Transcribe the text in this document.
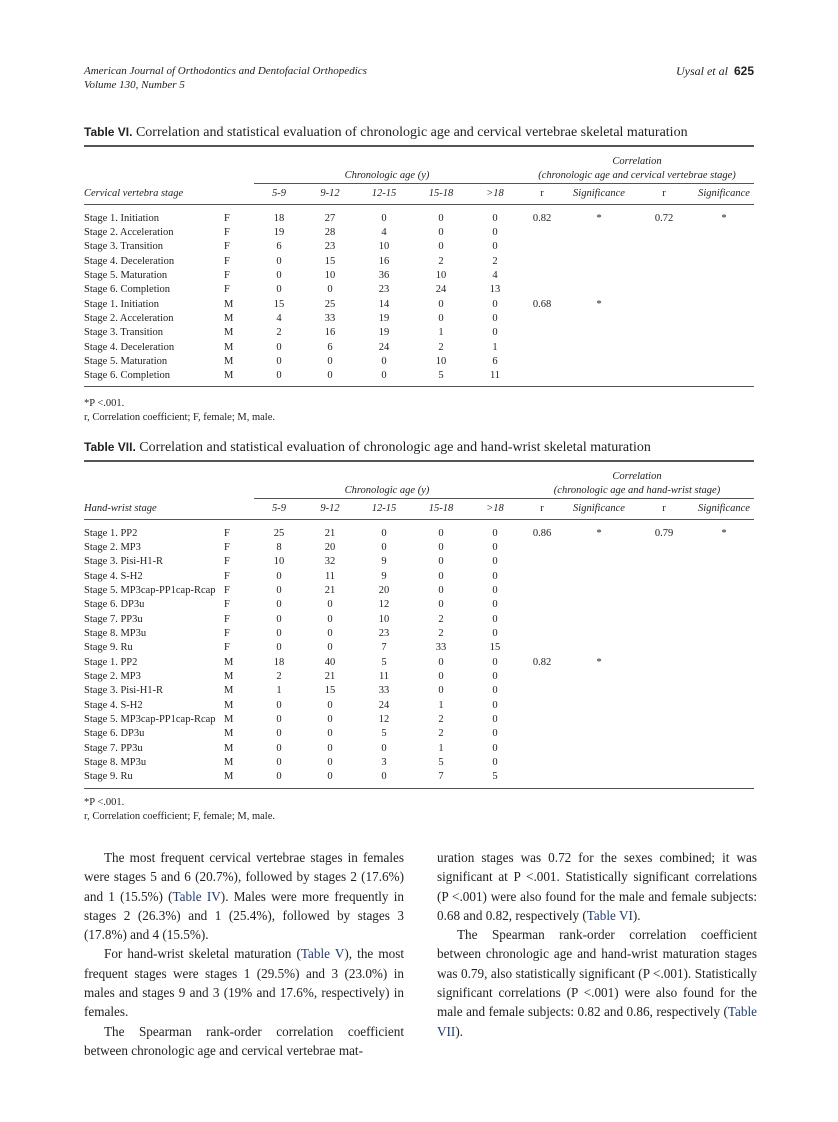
American Journal of Orthodontics and Dentofacial Orthopedics
Volume 130, Number 5
Uysal et al 625
Table VI. Correlation and statistical evaluation of chronologic age and cervical vertebrae skeletal maturation
		Chronologic age (y)					Correlation
(chronologic age and cervical vertebrae stage)			

Cervical vertebra stage		5-9	9-12	12-15	15-18	>18	r	Significance	r	Significance
Stage 1. Initiation	F	18	27	0	0	0	0.82	*	0.72	*
Stage 2. Acceleration	F	19	28	4	0	0				
Stage 3. Transition	F	6	23	10	0	0				
Stage 4. Deceleration	F	0	15	16	2	2				
Stage 5. Maturation	F	0	10	36	10	4				
Stage 6. Completion	F	0	0	23	24	13				
Stage 1. Initiation	M	15	25	14	0	0	0.68	*		
Stage 2. Acceleration	M	4	33	19	0	0				
Stage 3. Transition	M	2	16	19	1	0				
Stage 4. Deceleration	M	0	6	24	2	1				
Stage 5. Maturation	M	0	0	0	10	6				
Stage 6. Completion	M	0	0	0	5	11				
*P <.001.
r, Correlation coefficient; F, female; M, male.
Table VII. Correlation and statistical evaluation of chronologic age and hand-wrist skeletal maturation
		Chronologic age (y)					Correlation
(chronologic age and hand-wrist stage)			

Hand-wrist stage		5-9	9-12	12-15	15-18	>18	r	Significance	r	Significance
Stage 1. PP2	F	25	21	0	0	0	0.86	*	0.79	*
Stage 2. MP3	F	8	20	0	0	0				
Stage 3. Pisi-H1-R	F	10	32	9	0	0				
Stage 4. S-H2	F	0	11	9	0	0				
Stage 5. MP3cap-PP1cap-Rcap	F	0	21	20	0	0				
Stage 6. DP3u	F	0	0	12	0	0				
Stage 7. PP3u	F	0	0	10	2	0				
Stage 8. MP3u	F	0	0	23	2	0				
Stage 9. Ru	F	0	0	7	33	15				
Stage 1. PP2	M	18	40	5	0	0	0.82	*		
Stage 2. MP3	M	2	21	11	0	0				
Stage 3. Pisi-H1-R	M	1	15	33	0	0				
Stage 4. S-H2	M	0	0	24	1	0				
Stage 5. MP3cap-PP1cap-Rcap	M	0	0	12	2	0				
Stage 6. DP3u	M	0	0	5	2	0				
Stage 7. PP3u	M	0	0	0	1	0				
Stage 8. MP3u	M	0	0	3	5	0				
Stage 9. Ru	M	0	0	0	7	5				
*P <.001.
r, Correlation coefficient; F, female; M, male.

The most frequent cervical vertebrae stages in females were stages 5 and 6 (20.7%), followed by stages 2 (17.6%) and 1 (15.5%) (Table IV). Males were more frequently in stages 2 (26.3%) and 1 (25.4%), followed by stages 3 (17.8%) and 4 (15.5%).

For hand-wrist skeletal maturation (Table V), the most frequent stages were stages 1 (29.5%) and 3 (23.0%) in males and stages 9 and 3 (19% and 17.6%, respectively) in females.

The Spearman rank-order correlation coefficient between chronologic age and cervical vertebrae mat-

uration stages was 0.72 for the sexes combined; it was significant at P <.001. Statistically significant correlations (P <.001) were also found for the male and female subjects: 0.68 and 0.82, respectively (Table VI).

The Spearman rank-order correlation coefficient between chronologic age and hand-wrist maturation stages was 0.79, also statistically significant (P <.001). Statistically significant correlations (P <.001) were also found for the male and female subjects: 0.82 and 0.86, respectively (Table VII).
